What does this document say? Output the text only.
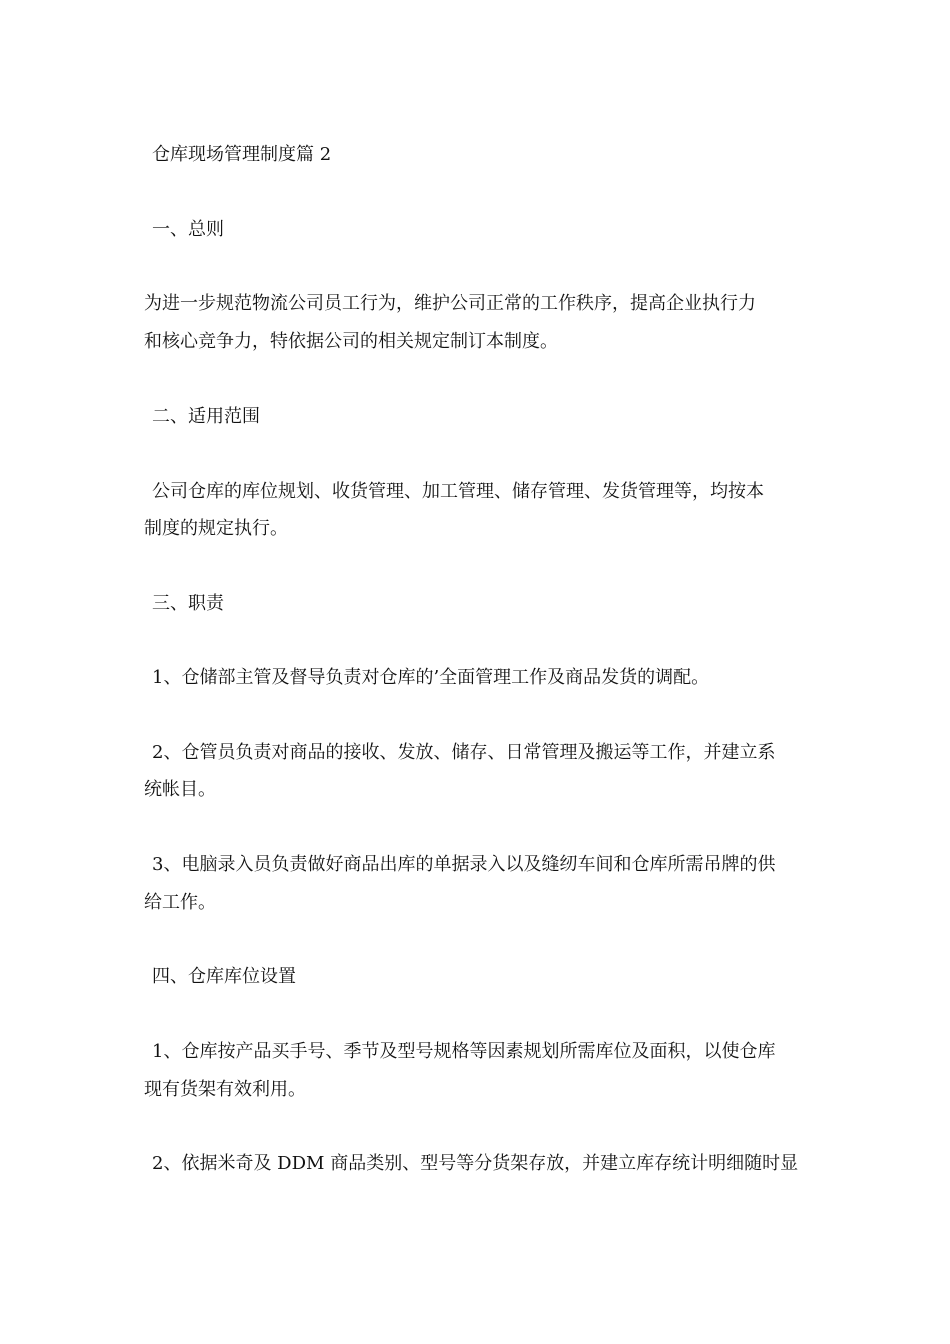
仓库现场管理制度篇 2

一、总则

为进一步规范物流公司员工行为，维护公司正常的工作秩序，提高企业执行力

和核心竞争力，特依据公司的相关规定制订本制度。

二、适用范围

公司仓库的库位规划、收货管理、加工管理、储存管理、发货管理等，均按本

制度的规定执行。

三、职责

1、仓储部主管及督导负责对仓库的’全面管理工作及商品发货的调配。

2、仓管员负责对商品的接收、发放、储存、日常管理及搬运等工作，并建立系

统帐目。

3、电脑录入员负责做好商品出库的单据录入以及缝纫车间和仓库所需吊牌的供

给工作。

四、仓库库位设置

1、仓库按产品买手号、季节及型号规格等因素规划所需库位及面积，以使仓库

现有货架有效利用。

2、依据米奇及 DDM 商品类别、型号等分货架存放，并建立库存统计明细随时显
